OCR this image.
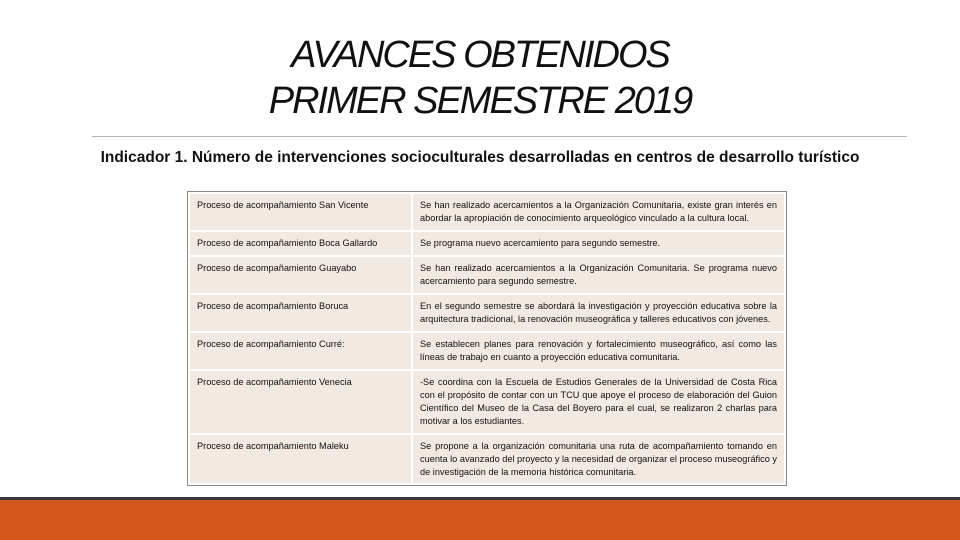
AVANCES OBTENIDOS
PRIMER SEMESTRE 2019
Indicador 1. Número de intervenciones socioculturales desarrolladas en centros de desarrollo turístico
Proceso de acompañamiento San Vicente	Se han realizado acercamientos a la Organización Comunitaria, existe gran interés en abordar la apropiación de conocimiento arqueológico vinculado a la cultura local.
Proceso de acompañamiento Boca Gallardo	Se programa nuevo acercamiento para segundo semestre.
Proceso de acompañamiento Guayabo	Se han realizado acercamientos a la Organización Comunitaria. Se programa nuevo acercamiento para segundo semestre.
Proceso de acompañamiento Boruca	En el segundo semestre se abordará la investigación y proyección educativa sobre la arquitectura tradicional, la renovación museográfica y talleres educativos con jóvenes.
Proceso de acompañamiento Curré:	Se establecen planes para renovación y fortalecimiento museográfico, así como las líneas de trabajo en cuanto a proyección educativa comunitaria.
Proceso de acompañamiento Venecia	-Se coordina con la Escuela de Estudios Generales de la Universidad de Costa Rica con el propósito de contar con un TCU que apoye el proceso de elaboración del Guion Científico del Museo de la Casa del Boyero para el cual, se realizaron 2 charlas para motivar a los estudiantes.
Proceso de acompañamiento Maleku	Se propone a la organización comunitaria una ruta de acompañamiento tomando en cuenta lo avanzado del proyecto y la necesidad de organizar el proceso museográfico y de investigación de la memoria histórica comunitaria.
